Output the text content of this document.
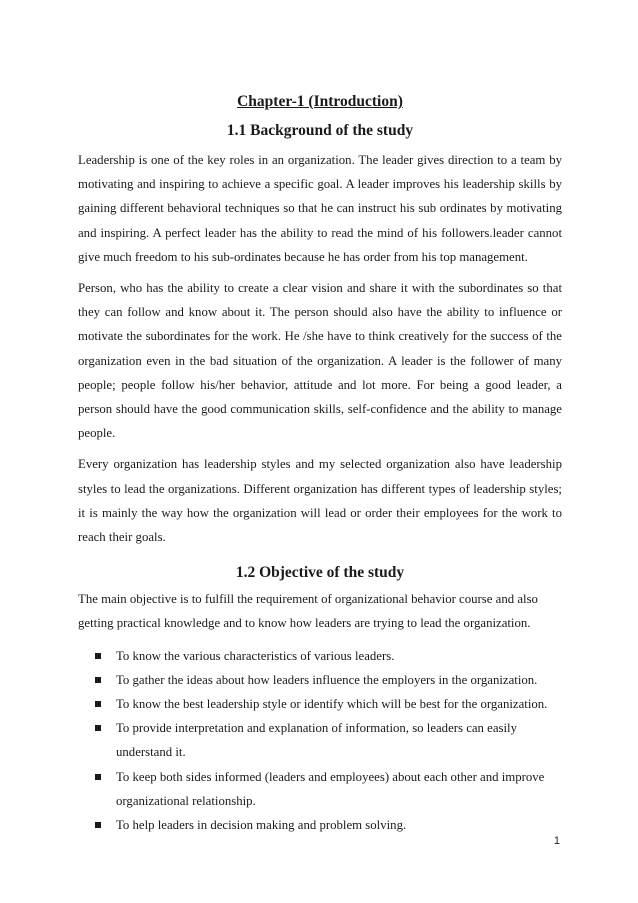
Chapter-1 (Introduction)
1.1 Background of the study

Leadership is one of the key roles in an organization. The leader gives direction to a team by motivating and inspiring to achieve a specific goal. A leader improves his leadership skills by gaining different behavioral techniques so that he can instruct his sub ordinates by motivating and inspiring. A perfect leader has the ability to read the mind of his followers.leader cannot give much freedom to his sub-ordinates because he has order from his top management.

Person, who has the ability to create a clear vision and share it with the subordinates so that they can follow and know about it. The person should also have the ability to influence or motivate the subordinates for the work. He /she have to think creatively for the success of the organization even in the bad situation of the organization. A leader is the follower of many people; people follow his/her behavior, attitude and lot more. For being a good leader, a person should have the good communication skills, self-confidence and the ability to manage people.

Every organization has leadership styles and my selected organization also have leadership styles to lead the organizations. Different organization has different types of leadership styles; it is mainly the way how the organization will lead or order their employees for the work to reach their goals.

1.2 Objective of the study

The main objective is to fulfill the requirement of organizational behavior course and also getting practical knowledge and to know how leaders are trying to lead the organization.

To know the various characteristics of various leaders.
To gather the ideas about how leaders influence the employers in the organization.
To know the best leadership style or identify which will be best for the organization.
To provide interpretation and explanation of information, so leaders can easily understand it.
To keep both sides informed (leaders and employees) about each other and improve organizational relationship.
To help leaders in decision making and problem solving.
1
